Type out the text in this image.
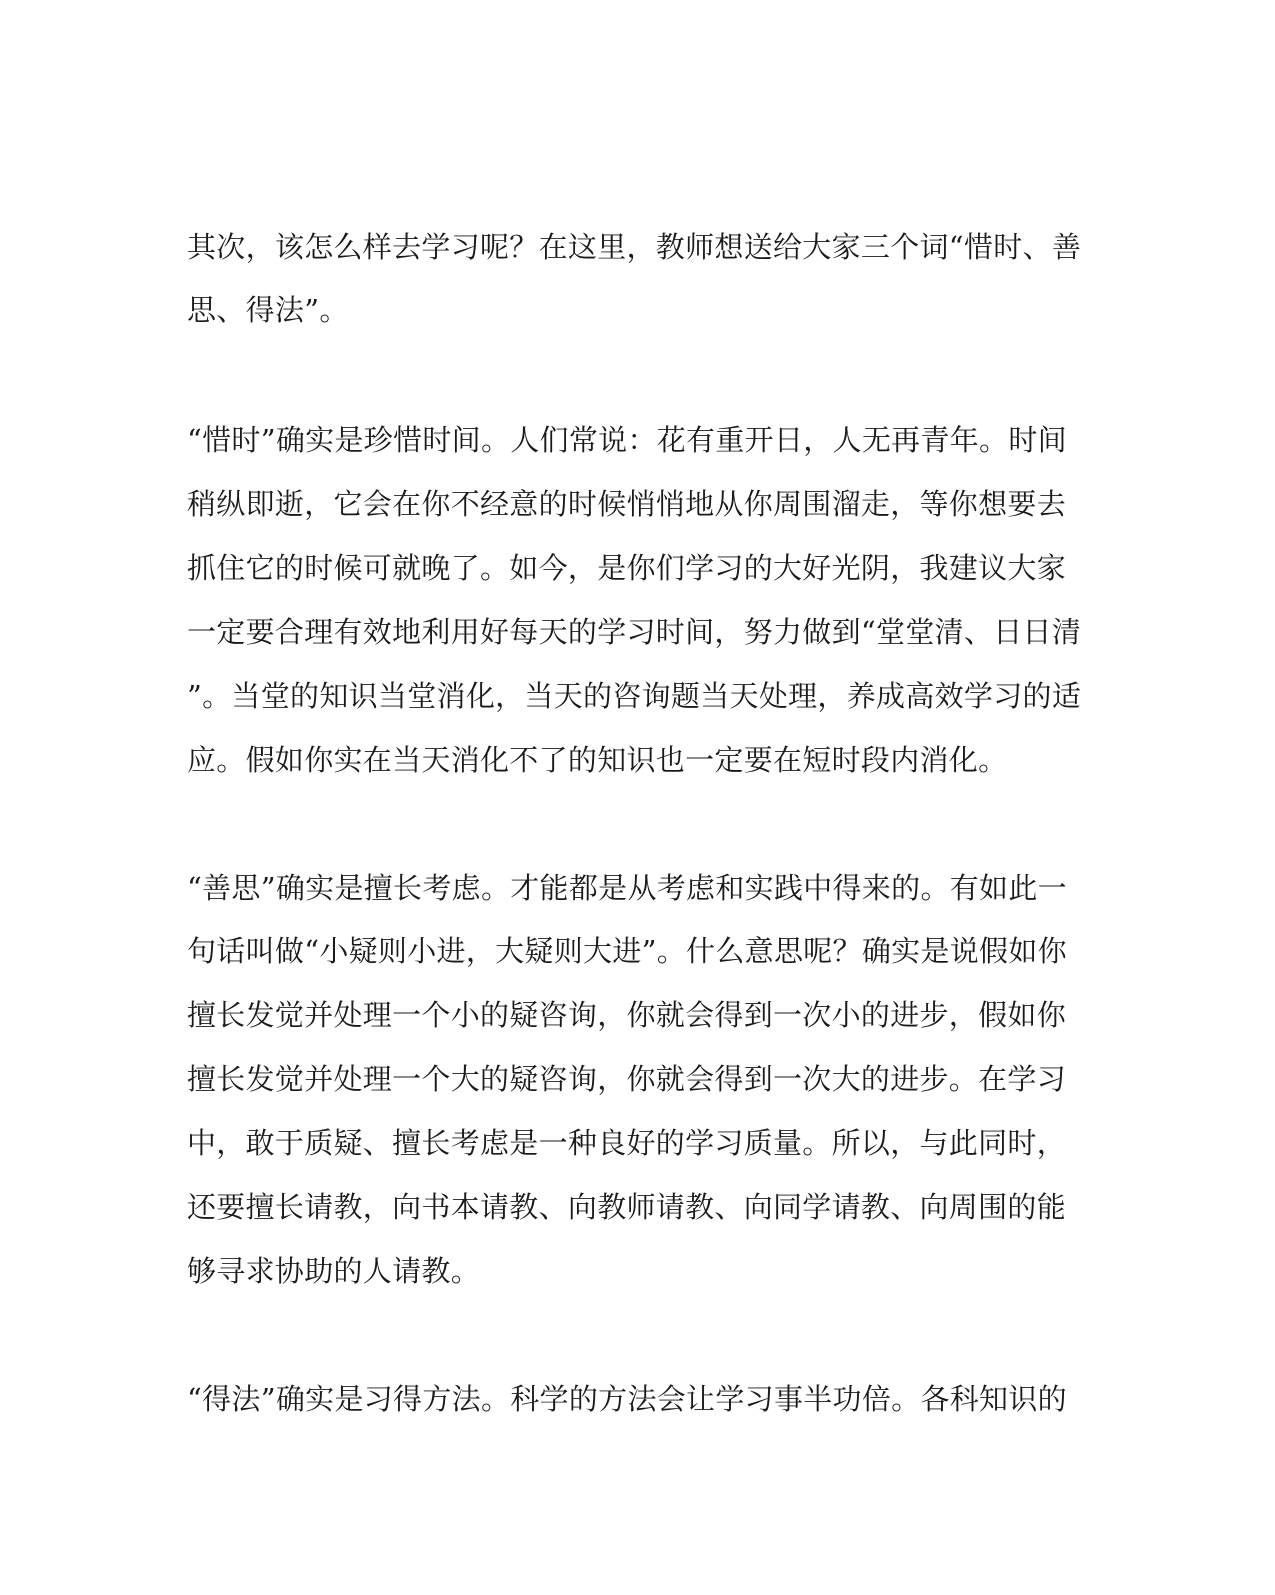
其次，该怎么样去学习呢？在这里，教师想送给大家三个词“惜时、善

思、得法”。

“惜时”确实是珍惜时间。人们常说：花有重开日，人无再青年。时间

稍纵即逝，它会在你不经意的时候悄悄地从你周围溜走，等你想要去

抓住它的时候可就晚了。如今，是你们学习的大好光阴，我建议大家

一定要合理有效地利用好每天的学习时间，努力做到“堂堂清、日日清

”。当堂的知识当堂消化，当天的咨询题当天处理，养成高效学习的适

应。假如你实在当天消化不了的知识也一定要在短时段内消化。

“善思”确实是擅长考虑。才能都是从考虑和实践中得来的。有如此一

句话叫做“小疑则小进，大疑则大进”。什么意思呢？确实是说假如你

擅长发觉并处理一个小的疑咨询，你就会得到一次小的进步，假如你

擅长发觉并处理一个大的疑咨询，你就会得到一次大的进步。在学习

中，敢于质疑、擅长考虑是一种良好的学习质量。所以，与此同时，

还要擅长请教，向书本请教、向教师请教、向同学请教、向周围的能

够寻求协助的人请教。

“得法”确实是习得方法。科学的方法会让学习事半功倍。各科知识的
